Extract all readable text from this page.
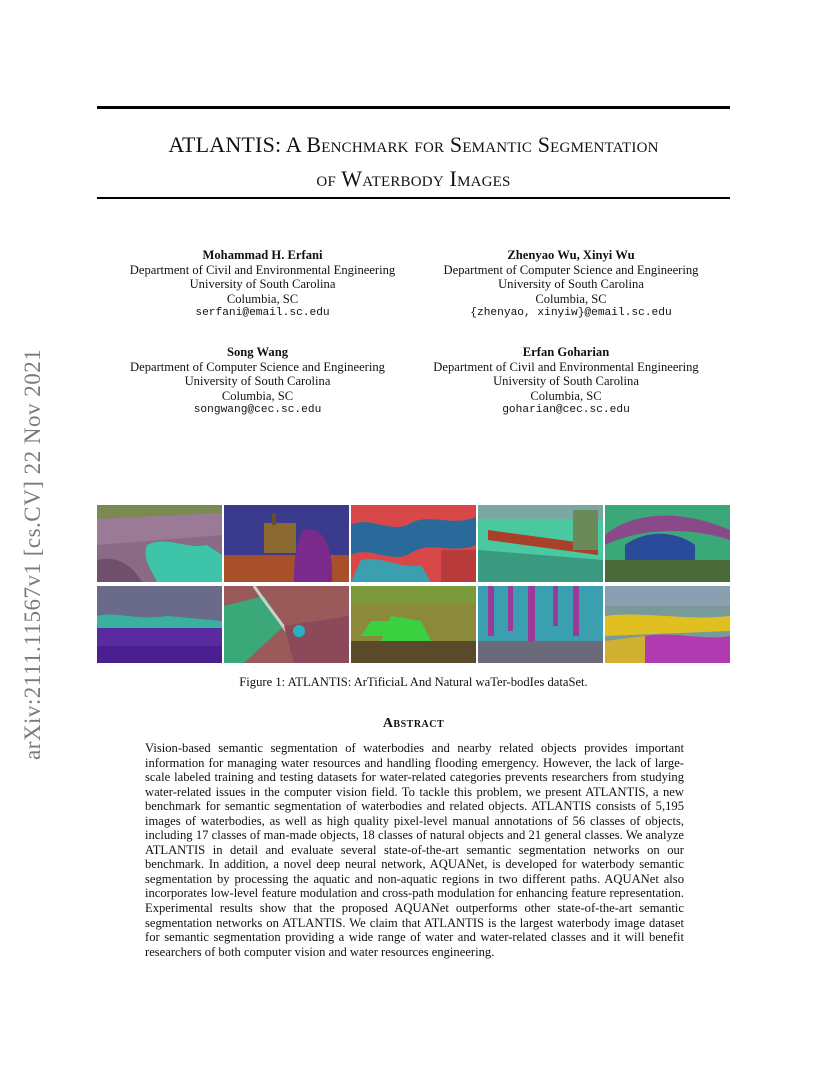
ATLANTIS: A Benchmark for Semantic Segmentation
of Waterbody Images
arXiv:2111.11567v1 [cs.CV] 22 Nov 2021
Mohammad H. Erfani
Department of Civil and Environmental Engineering
University of South Carolina
Columbia, SC
serfani@email.sc.edu
Zhenyao Wu, Xinyi Wu
Department of Computer Science and Engineering
University of South Carolina
Columbia, SC
{zhenyao, xinyiw}@email.sc.edu
Song Wang
Department of Computer Science and Engineering
University of South Carolina
Columbia, SC
songwang@cec.sc.edu
Erfan Goharian
Department of Civil and Environmental Engineering
University of South Carolina
Columbia, SC
goharian@cec.sc.edu
Figure 1: ATLANTIS: ArTificiaL And Natural waTer-bodIes dataSet.
Abstract
Vision-based semantic segmentation of waterbodies and nearby related objects provides important information for managing water resources and handling flooding emergency. However, the lack of large-scale labeled training and testing datasets for water-related categories prevents researchers from studying water-related issues in the computer vision field. To tackle this problem, we present ATLANTIS, a new benchmark for semantic segmentation of waterbodies and related objects. ATLANTIS consists of 5,195 images of waterbodies, as well as high quality pixel-level manual annotations of 56 classes of objects, including 17 classes of man-made objects, 18 classes of natural objects and 21 general classes. We analyze ATLANTIS in detail and evaluate several state-of-the-art semantic segmentation networks on our benchmark. In addition, a novel deep neural network, AQUANet, is developed for waterbody semantic segmentation by processing the aquatic and non-aquatic regions in two different paths. AQUANet also incorporates low-level feature modulation and cross-path modulation for enhancing feature representation. Experimental results show that the proposed AQUANet outperforms other state-of-the-art semantic segmentation networks on ATLANTIS. We claim that ATLANTIS is the largest waterbody image dataset for semantic segmentation providing a wide range of water and water-related classes and it will benefit researchers of both computer vision and water resources engineering.
